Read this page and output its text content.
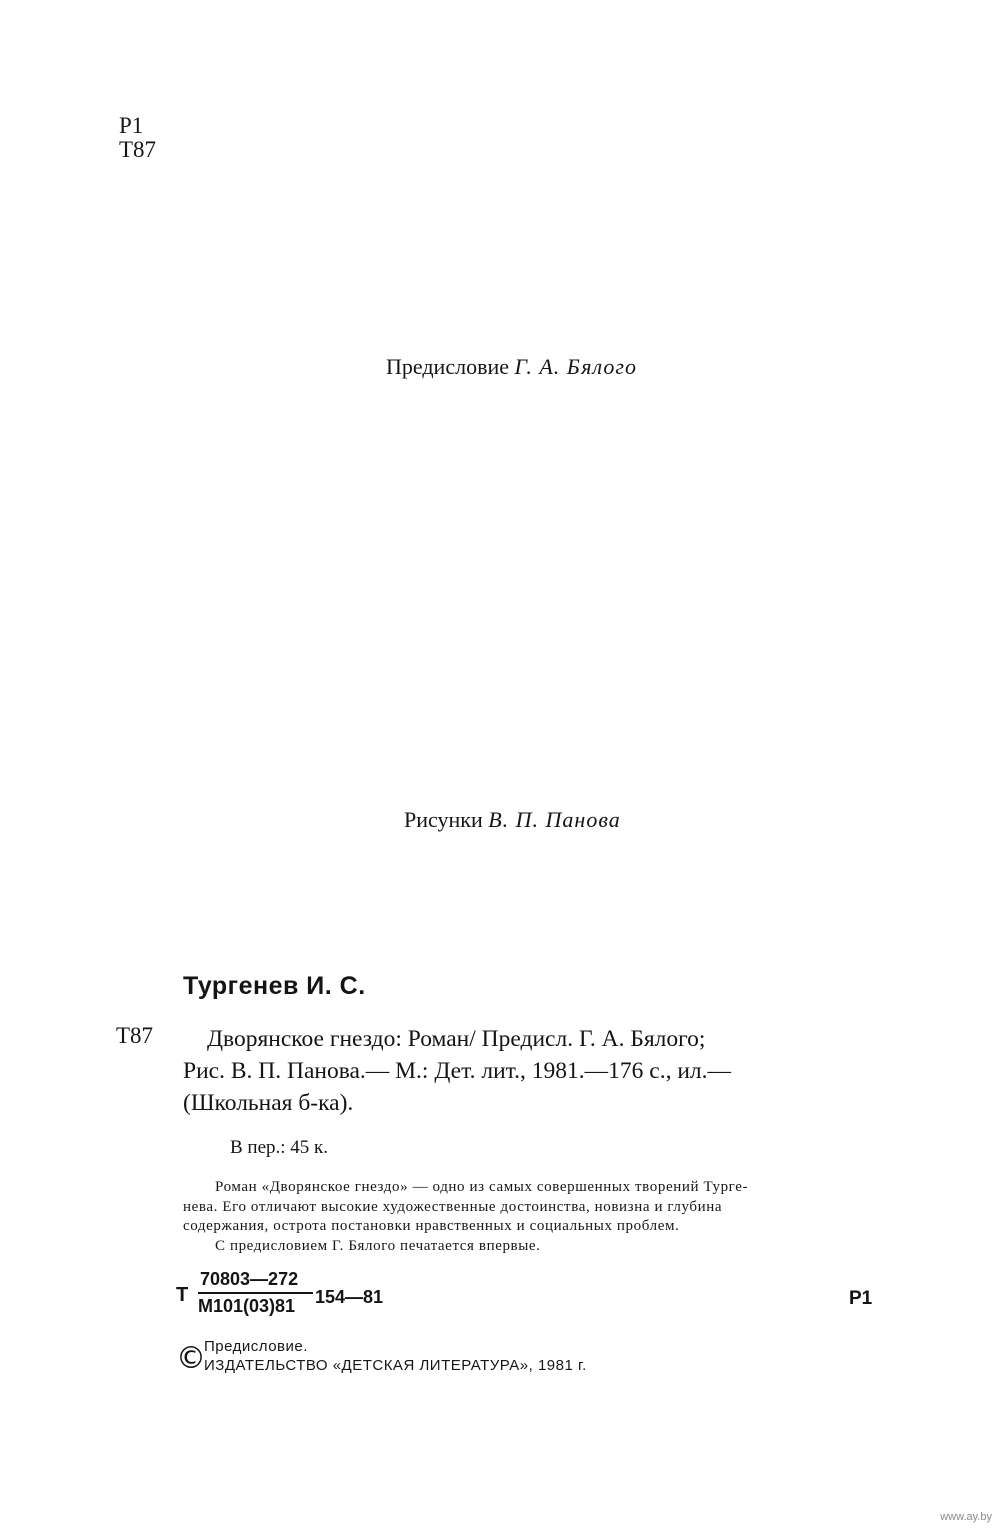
P1
T87
Предисловие Г. А. Бялого
Рисунки В. П. Панова
Тургенев И. С.
Т87	Дворянское гнездо: Роман/ Предисл. Г. А. Бялого;
Рис. В. П. Панова.— М.: Дет. лит., 1981.—176 с., ил.—
(Школьная б-ка).
В пер.: 45 к.
Роман «Дворянское гнездо» — одно из самых совершенных творений Турге-
нева. Его отличают высокие художественные достоинства, новизна и глубина
содержания, острота постановки нравственных и социальных проблем.
С предисловием Г. Бялого печатается впервые.
Т
70803—272
М101(03)81	154—81	Р1
©
Предисловие.
ИЗДАТЕЛЬСТВО «ДЕТСКАЯ ЛИТЕРАТУРА», 1981 г.
www.ay.by
